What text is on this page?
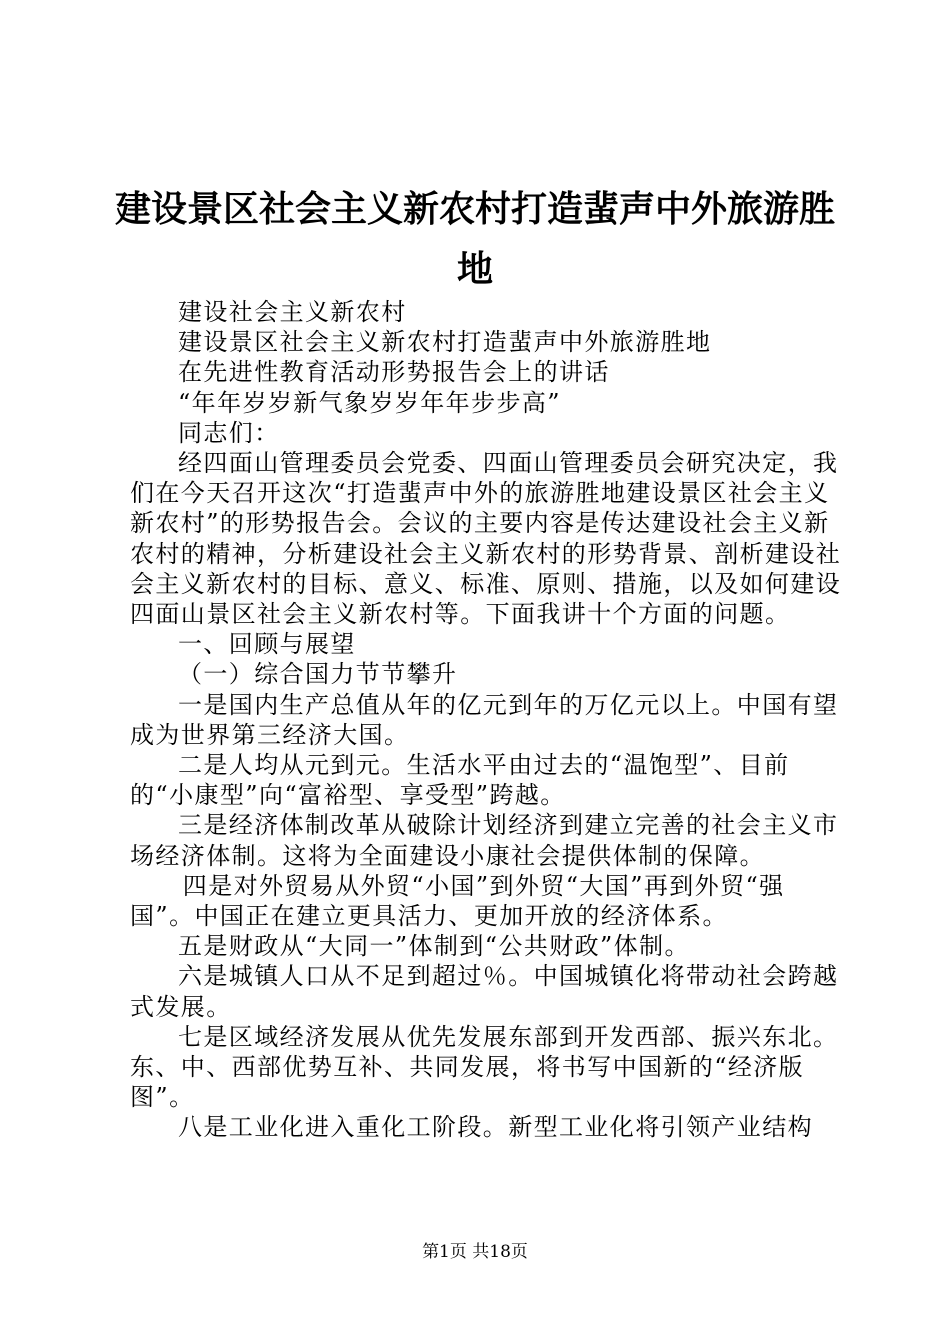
建设景区社会主义新农村打造蜚声中外旅游胜
地

建设社会主义新农村

建设景区社会主义新农村打造蜚声中外旅游胜地

在先进性教育活动形势报告会上的讲话

“年年岁岁新气象岁岁年年步步高”

同志们：

经四面山管理委员会党委、四面山管理委员会研究决定，我们在今天召开这次“打造蜚声中外的旅游胜地建设景区社会主义新农村”的形势报告会。会议的主要内容是传达建设社会主义新农村的精神，分析建设社会主义新农村的形势背景、剖析建设社会主义新农村的目标、意义、标准、原则、措施，以及如何建设四面山景区社会主义新农村等。下面我讲十个方面的问题。

一、回顾与展望

（一）综合国力节节攀升

一是国内生产总值从年的亿元到年的万亿元以上。中国有望成为世界第三经济大国。

二是人均从元到元。生活水平由过去的“温饱型”、目前的“小康型”向“富裕型、享受型”跨越。

三是经济体制改革从破除计划经济到建立完善的社会主义市场经济体制。这将为全面建设小康社会提供体制的保障。

四是对外贸易从外贸“小国”到外贸“大国”再到外贸“强国”。中国正在建立更具活力、更加开放的经济体系。

五是财政从“大同一”体制到“公共财政”体制。

六是城镇人口从不足到超过％。中国城镇化将带动社会跨越式发展。

七是区域经济发展从优先发展东部到开发西部、振兴东北。东、中、西部优势互补、共同发展，将书写中国新的“经济版图”。

八是工业化进入重化工阶段。新型工业化将引领产业结构

第1页 共18页
